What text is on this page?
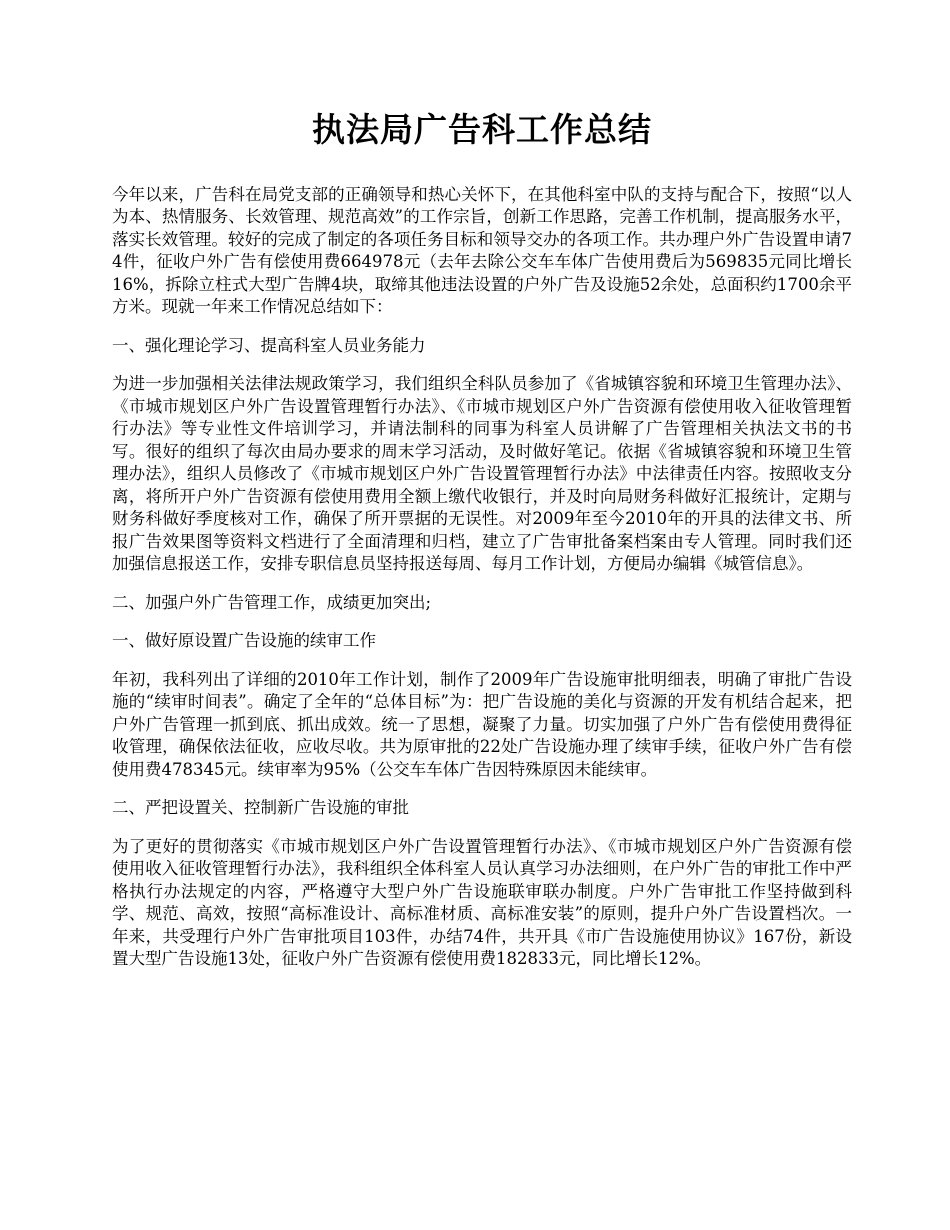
执法局广告科工作总结

今年以来，广告科在局党支部的正确领导和热心关怀下，在其他科室中队的支持与配合下，按照“以人为本、热情服务、长效管理、规范高效”的工作宗旨，创新工作思路，完善工作机制，提高服务水平，落实长效管理。较好的完成了制定的各项任务目标和领导交办的各项工作。共办理户外广告设置申请74件，征收户外广告有偿使用费664978元（去年去除公交车车体广告使用费后为569835元同比增长16%，拆除立柱式大型广告牌4块，取缔其他违法设置的户外广告及设施52余处，总面积约1700余平方米。现就一年来工作情况总结如下：

一、强化理论学习、提高科室人员业务能力

为进一步加强相关法律法规政策学习，我们组织全科队员参加了《省城镇容貌和环境卫生管理办法》、《市城市规划区户外广告设置管理暂行办法》、《市城市规划区户外广告资源有偿使用收入征收管理暂行办法》等专业性文件培训学习，并请法制科的同事为科室人员讲解了广告管理相关执法文书的书写。很好的组织了每次由局办要求的周末学习活动，及时做好笔记。依据《省城镇容貌和环境卫生管理办法》，组织人员修改了《市城市规划区户外广告设置管理暂行办法》中法律责任内容。按照收支分离，将所开户外广告资源有偿使用费用全额上缴代收银行，并及时向局财务科做好汇报统计，定期与财务科做好季度核对工作，确保了所开票据的无误性。对2009年至今2010年的开具的法律文书、所报广告效果图等资料文档进行了全面清理和归档，建立了广告审批备案档案由专人管理。同时我们还加强信息报送工作，安排专职信息员坚持报送每周、每月工作计划，方便局办编辑《城管信息》。

二、加强户外广告管理工作，成绩更加突出;

一、做好原设置广告设施的续审工作

年初，我科列出了详细的2010年工作计划，制作了2009年广告设施审批明细表，明确了审批广告设施的“续审时间表”。确定了全年的“总体目标”为：把广告设施的美化与资源的开发有机结合起来，把户外广告管理一抓到底、抓出成效。统一了思想，凝聚了力量。切实加强了户外广告有偿使用费得征收管理，确保依法征收，应收尽收。共为原审批的22处广告设施办理了续审手续，征收户外广告有偿使用费478345元。续审率为95%（公交车车体广告因特殊原因未能续审。

二、严把设置关、控制新广告设施的审批

为了更好的贯彻落实《市城市规划区户外广告设置管理暂行办法》、《市城市规划区户外广告资源有偿使用收入征收管理暂行办法》，我科组织全体科室人员认真学习办法细则，在户外广告的审批工作中严格执行办法规定的内容，严格遵守大型户外广告设施联审联办制度。户外广告审批工作坚持做到科学、规范、高效，按照“高标准设计、高标准材质、高标准安装”的原则，提升户外广告设置档次。一年来，共受理行户外广告审批项目103件，办结74件，共开具《市广告设施使用协议》167份，新设置大型广告设施13处，征收户外广告资源有偿使用费182833元，同比增长12%。
